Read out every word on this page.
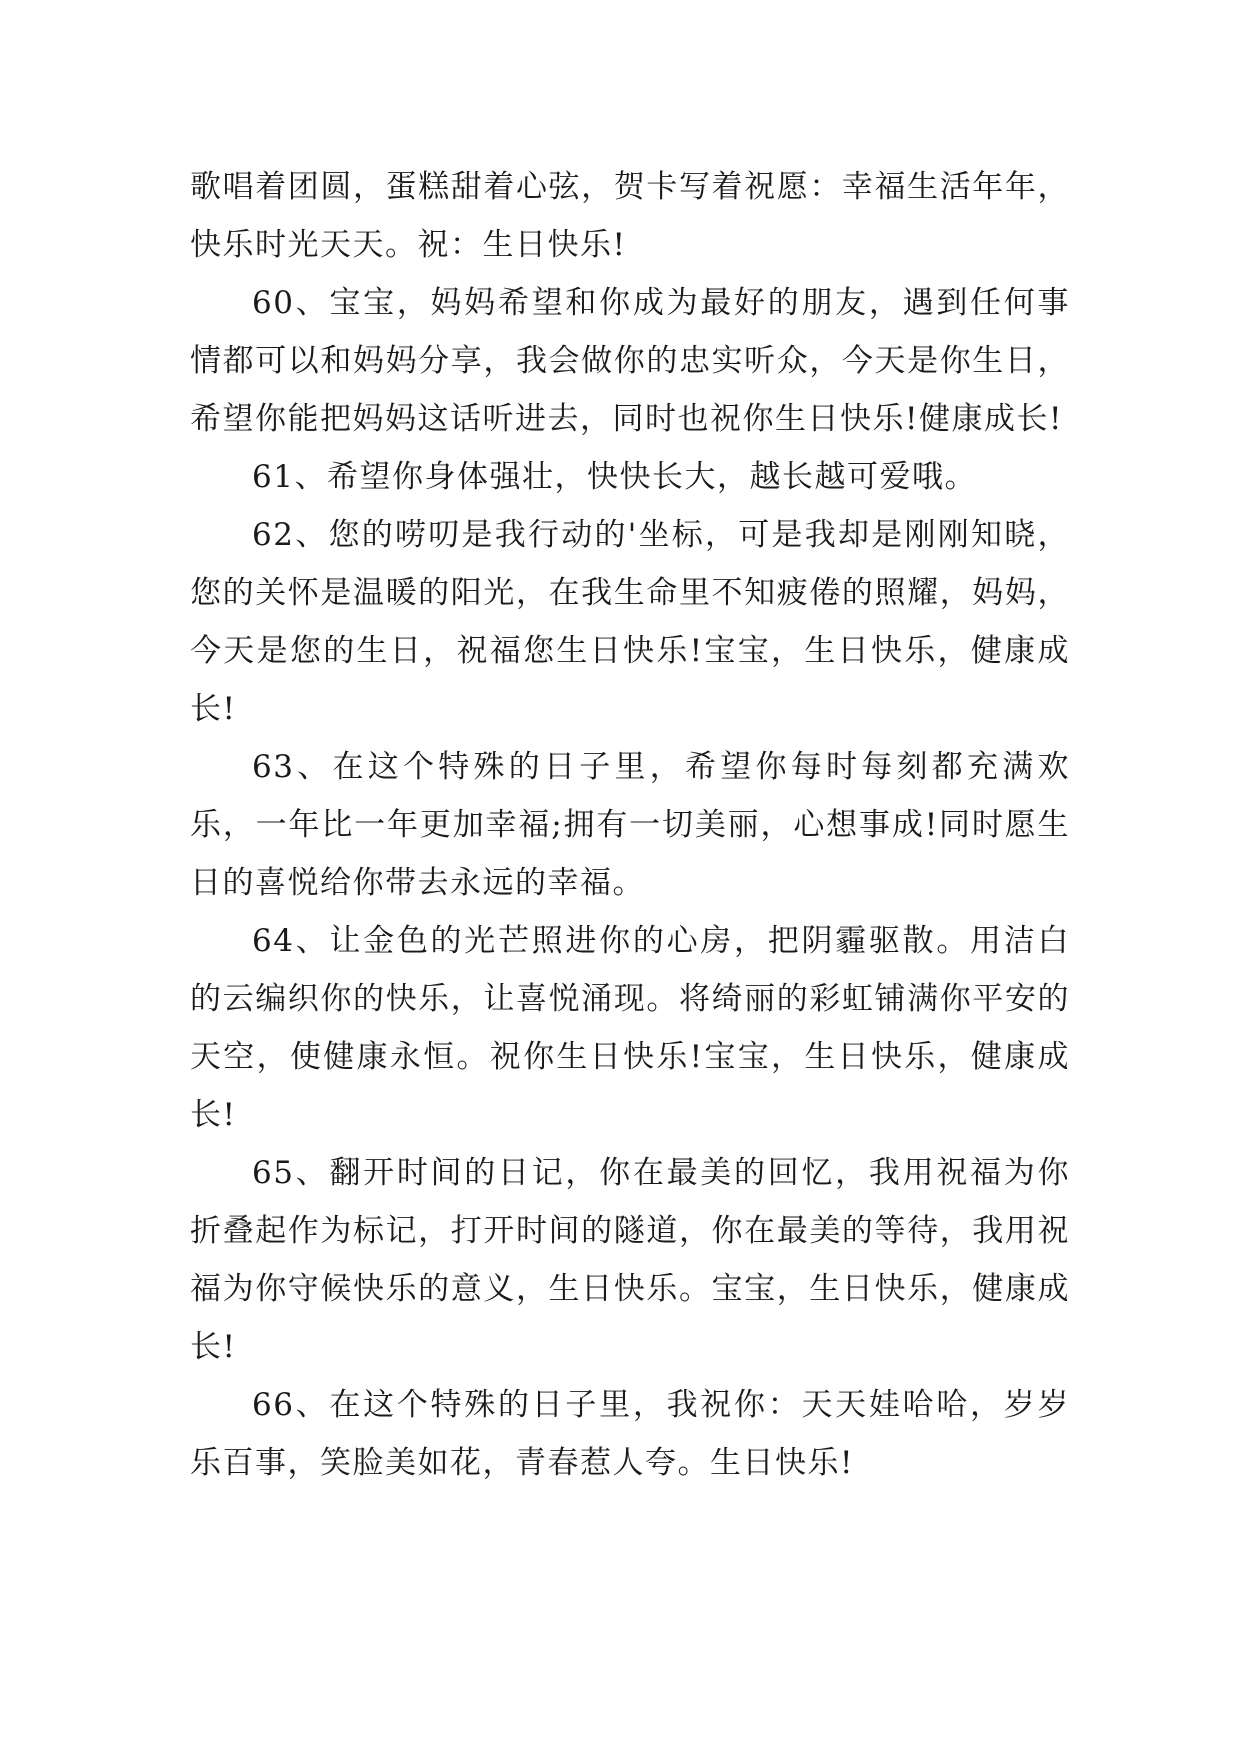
歌唱着团圆，蛋糕甜着心弦，贺卡写着祝愿：幸福生活年年，快乐时光天天。祝：生日快乐!

60、宝宝，妈妈希望和你成为最好的朋友，遇到任何事情都可以和妈妈分享，我会做你的忠实听众，今天是你生日，希望你能把妈妈这话听进去，同时也祝你生日快乐!健康成长!

61、希望你身体强壮，快快长大，越长越可爱哦。

62、您的唠叨是我行动的'坐标，可是我却是刚刚知晓，您的关怀是温暖的阳光，在我生命里不知疲倦的照耀，妈妈，今天是您的生日，祝福您生日快乐!宝宝，生日快乐，健康成长!

63、在这个特殊的日子里，希望你每时每刻都充满欢乐，一年比一年更加幸福;拥有一切美丽，心想事成!同时愿生日的喜悦给你带去永远的幸福。

64、让金色的光芒照进你的心房，把阴霾驱散。用洁白的云编织你的快乐，让喜悦涌现。将绮丽的彩虹铺满你平安的天空，使健康永恒。祝你生日快乐!宝宝，生日快乐，健康成长!

65、翻开时间的日记，你在最美的回忆，我用祝福为你折叠起作为标记，打开时间的隧道，你在最美的等待，我用祝福为你守候快乐的意义，生日快乐。宝宝，生日快乐，健康成长!

66、在这个特殊的日子里，我祝你：天天娃哈哈，岁岁乐百事，笑脸美如花，青春惹人夸。生日快乐!
